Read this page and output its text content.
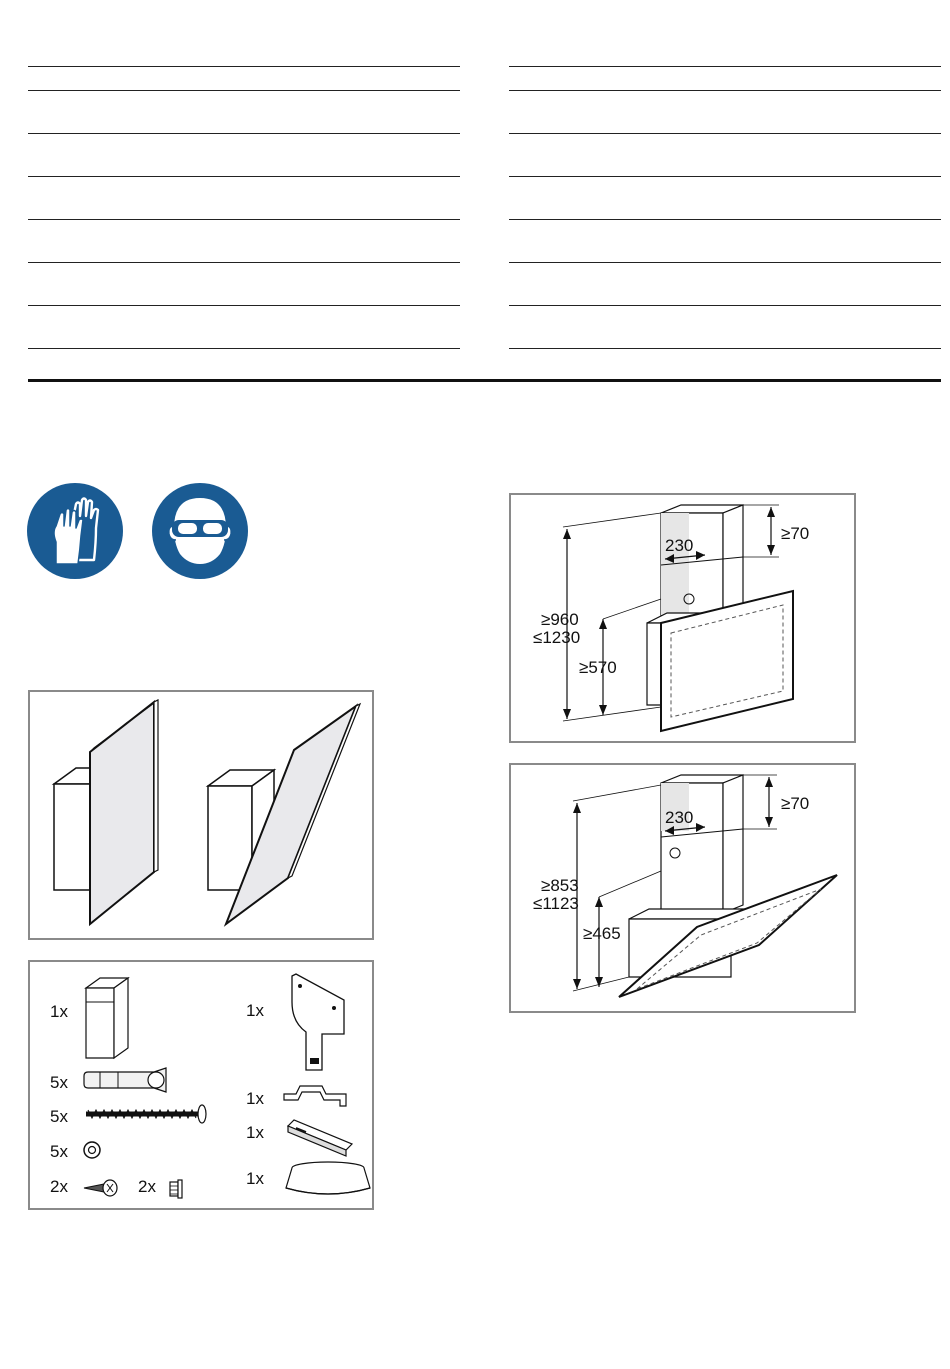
1x
5x
5x
5x
2x	2x
1x
1x
1x
1x
230
≥70
≥960
≤1230
≥570
230
≥70
≥853
≤1123
≥465
